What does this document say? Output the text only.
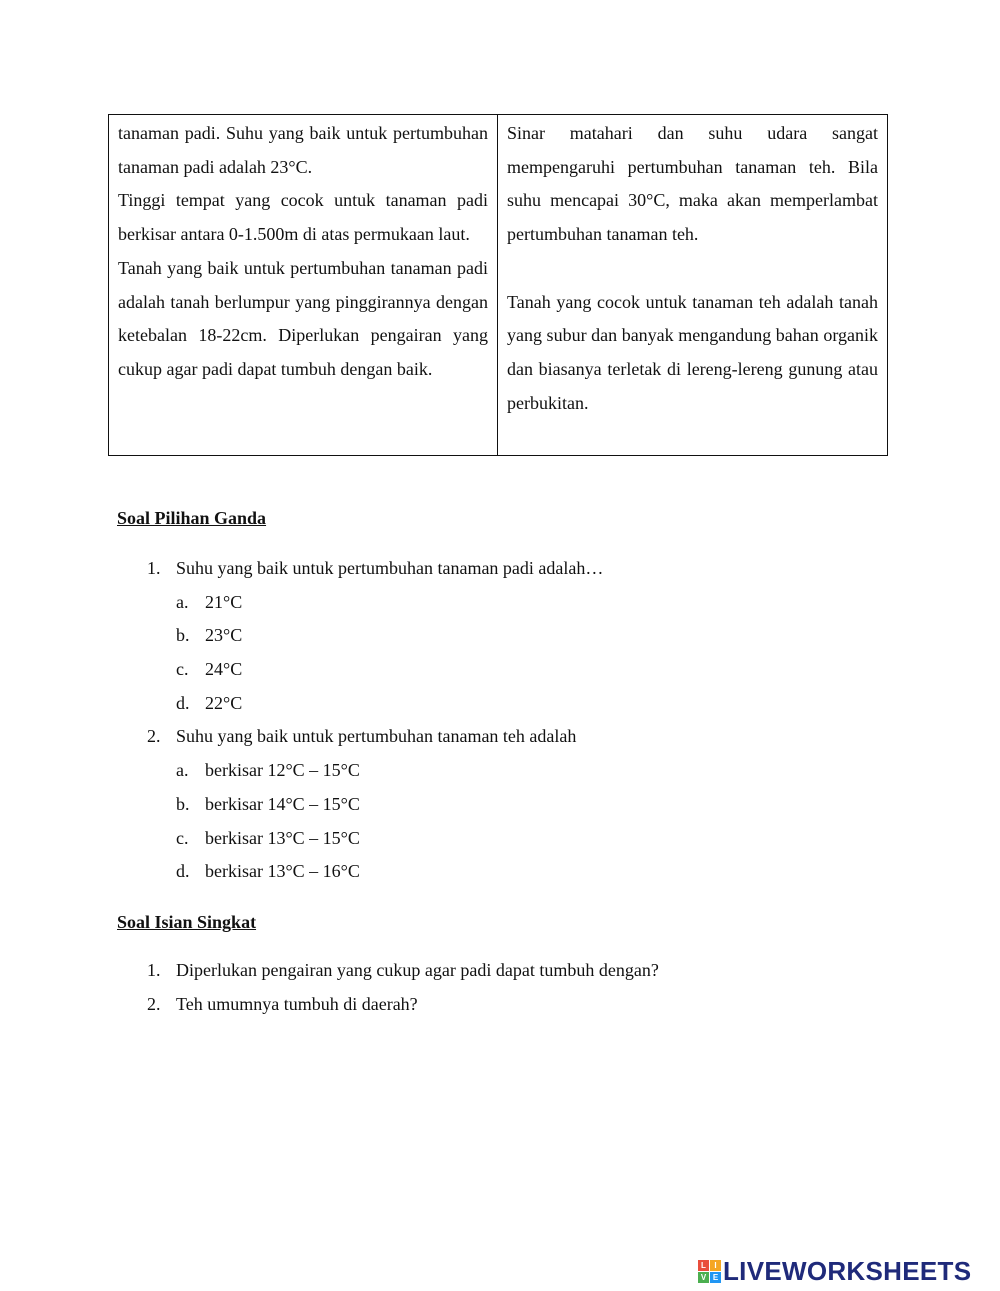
tanaman padi. Suhu yang baik untuk pertumbuhan tanaman padi adalah 23°C.

Tinggi tempat yang cocok untuk tanaman padi berkisar antara 0-1.500m di atas permukaan laut.

Tanah yang baik untuk pertumbuhan tanaman padi adalah tanah berlumpur yang pinggirannya dengan ketebalan 18-22cm. Diperlukan pengairan yang cukup agar padi dapat tumbuh dengan baik.

Sinar matahari dan suhu udara sangat mempengaruhi pertumbuhan tanaman teh. Bila suhu mencapai 30°C, maka akan memperlambat pertumbuhan tanaman teh.

Tanah yang cocok untuk tanaman teh adalah tanah yang subur dan banyak mengandung bahan organik dan biasanya terletak di lereng-lereng gunung atau perbukitan.

Soal Pilihan Ganda

1. Suhu yang baik untuk pertumbuhan tanaman padi adalah…
a. 21°C
b. 23°C
c. 24°C
d. 22°C
2. Suhu yang baik untuk pertumbuhan tanaman teh adalah
a. berkisar 12°C – 15°C
b. berkisar 14°C – 15°C
c. berkisar 13°C – 15°C
d. berkisar 13°C – 16°C

Soal Isian Singkat

1. Diperlukan pengairan yang cukup agar padi dapat tumbuh dengan?
2. Teh umumnya tumbuh di daerah?
L	I
V E LIVEWORKSHEETS
